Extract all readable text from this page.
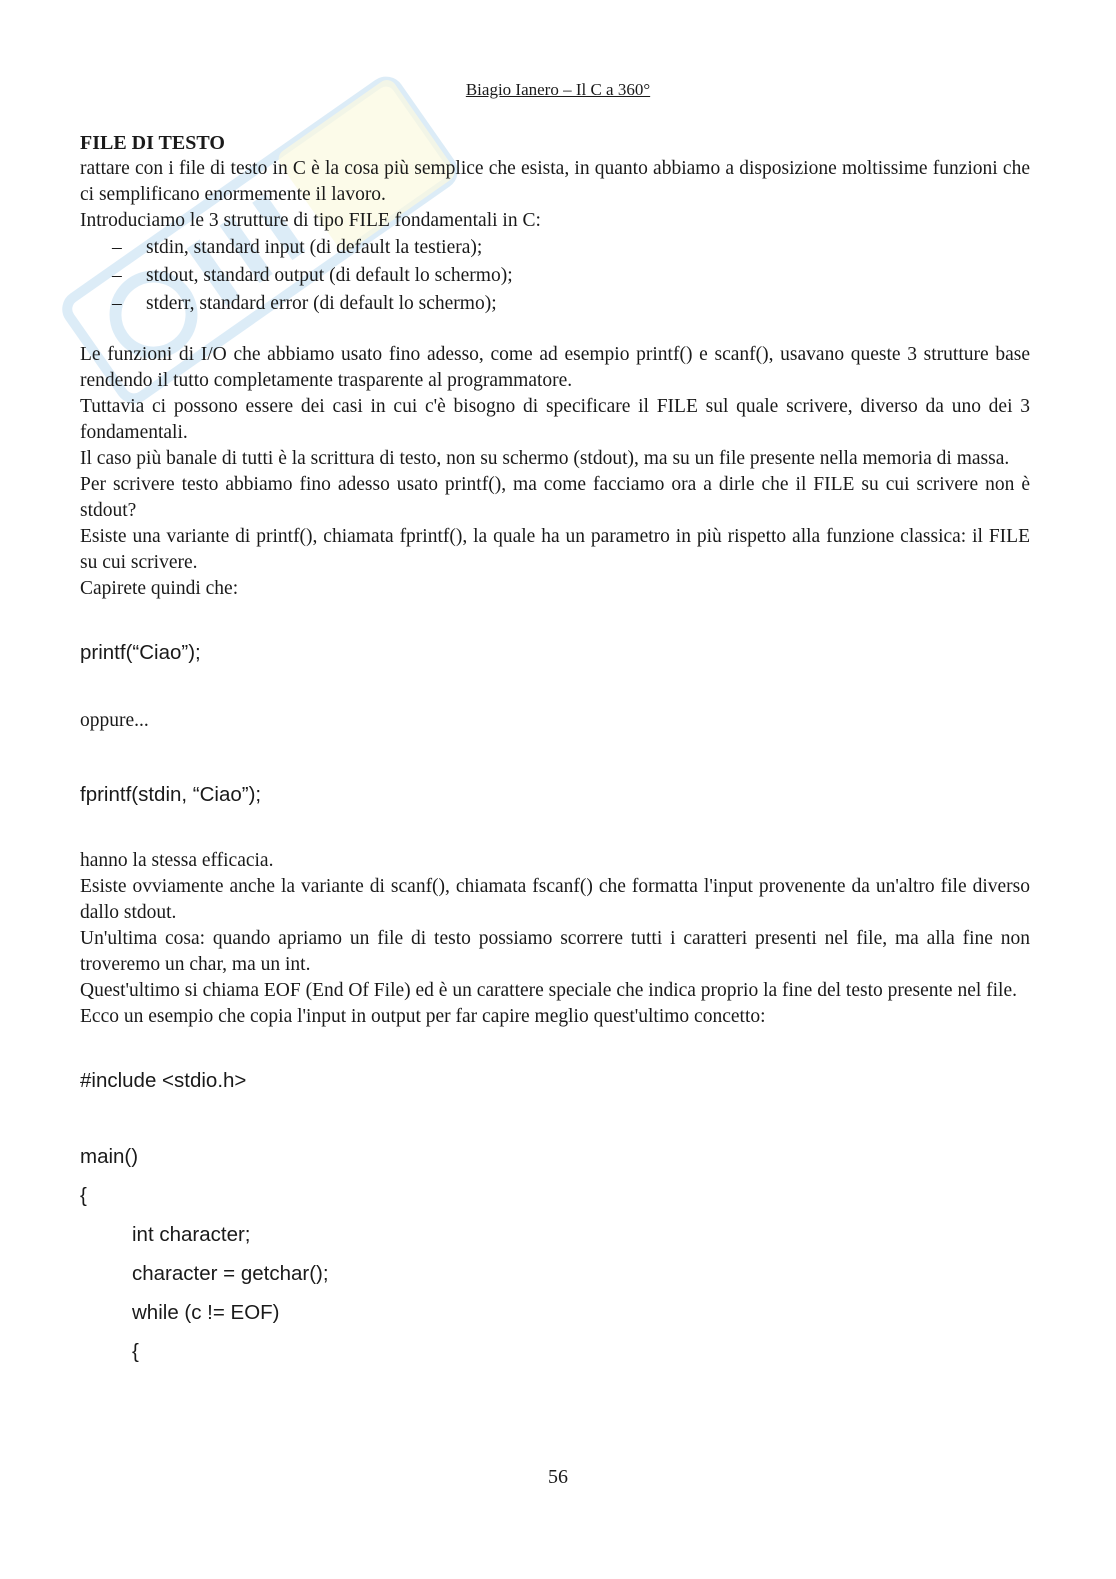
Biagio Ianero – Il C a 360°

FILE DI TESTO

rattare con i file di testo in C è la cosa più semplice che esista, in quanto abbiamo a disposizione moltissime funzioni che ci semplificano enormemente il lavoro.

Introduciamo le 3 strutture di tipo FILE fondamentali in C:

– stdin, standard input (di default la testiera);
– stdout, standard output (di default lo schermo);
– stderr, standard error (di default lo schermo);

Le funzioni di I/O che abbiamo usato fino adesso, come ad esempio printf() e scanf(), usavano queste 3 strutture base rendendo il tutto completamente trasparente al programmatore.

Tuttavia ci possono essere dei casi in cui c'è bisogno di specificare il FILE sul quale scrivere, diverso da uno dei 3 fondamentali.

Il caso più banale di tutti è la scrittura di testo, non su schermo (stdout), ma su un file presente nella memoria di massa.

Per scrivere testo abbiamo fino adesso usato printf(), ma come facciamo ora a dirle che il FILE su cui scrivere non è stdout?

Esiste una variante di printf(), chiamata fprintf(), la quale ha un parametro in più rispetto alla funzione classica: il FILE su cui scrivere.

Capirete quindi che:

printf(“Ciao”);

oppure...

fprintf(stdin, “Ciao”);

hanno la stessa efficacia.

Esiste ovviamente anche la variante di scanf(), chiamata fscanf() che formatta l'input provenente da un'altro file diverso dallo stdout.

Un'ultima cosa: quando apriamo un file di testo possiamo scorrere tutti i caratteri presenti nel file, ma alla fine non troveremo un char, ma un int.

Quest'ultimo si chiama EOF (End Of File) ed è un carattere speciale che indica proprio la fine del testo presente nel file.

Ecco un esempio che copia l'input in output per far capire meglio quest'ultimo concetto:

#include <stdio.h>

main()

{

int character;

character = getchar();

while (c != EOF)

{

56
